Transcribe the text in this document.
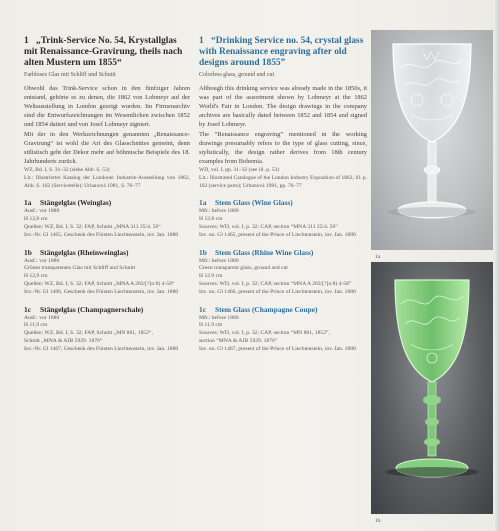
1 „Trink-Service No. 54, Krystallglas mit Renaissance-Gravirung, theils nach alten Mustern um 1855“

Farbloses Glas mit Schliff und Schnitt

Obwohl das Trink-Service schon in den fünfziger Jahren entstand, gehörte es zu denen, die 1862 von Lobmeyr auf der Weltausstellung in London gezeigt wurden. Im Firmenarchiv sind die Entwurfszeichnungen im Wesentlichen zwischen 1852 und 1854 datiert und von Josef Lobmeyr signiert.

Mit der in den Werkzeichnungen genannten „Renaissance-Gravirung“ ist wohl die Art des Glasschnittes gemeint, denn stilistisch geht der Dekor mehr auf böhmische Beispiele des 18. Jahrhunderts zurück.

WZ, Bd. I, S. 31–32 (siehe Abb. S. 53)

Lit.: Illustrierter Katalog der Londoner Industrie-Ausstellung von 1862, Abb. S. 162 (Servicetelle); Urbanová 1981, S. 76–77

1a Stängelglas (Weinglas)

Ausf.: vor 1880

H 12,8 cm

Quellen: WZ, Bd. I, S. 32; FAP, Schnitt „MNA 311 25/4. 56“

Inv.-Nr. Gl 1465, Geschenk des Fürsten Liechtenstein, inv. Jan. 1880

1b Stängelglas (Rheinweinglas)

Ausf.: vor 1880

Grünes transparentes Glas mit Schliff und Schnitt

H 12,9 cm

Quellen: WZ, Bd. I, S. 32; FAP, Schnitt „MNA A 283/[?]o:8) 4-58“

Inv.-Nr. Gl 1466, Geschenk des Fürsten Liechtenstein, inv. Jan. 1880

1c Stängelglas (Champagnerschale)

Ausf.: vor 1880

H 11,9 cm

Quellen: WZ, Bd. I, S. 32; FAP, Schnitt „MN 881, 1852“,

Schnitt „MNA & AJB 5929. 1876“

Inv.-Nr. Gl 1467, Geschenk des Fürsten Liechtenstein, inv. Jan. 1880

1 “Drinking Service no. 54, crystal glass with Renaissance engraving after old designs around 1855”

Colorless glass, ground and cut

Although this drinking service was already made in the 1850s, it was part of the assortment shown by Lobmeyr at the 1862 World's Fair in London. The design drawings in the company archives are basically dated between 1852 and 1854 and signed by Josef Lobmeyr.

The “Renaissance engraving” mentioned in the working drawings presumably refers to the type of glass cutting, since, stylistically, the design rather derives from 18th century examples from Bohemia.

WD, vol. I, pp. 31–32 (see ill. p. 53)

Lit.: Illustrated Catalogue of the London Industry Exposition of 1862, ill. p. 162 (service parts); Urbanová 1981, pp. 76–77

1a Stem Glass (Wine Glass)

Mfr.: before 1880

H 12.8 cm

Sources: WD, vol. I, p. 32; CAP, section “MNA 311 25/4. 56”

Inv. no. Gl 1465, present of the Prince of Liechtenstein, inv. Jan. 1880

1b Stem Glass (Rhine Wine Glass)

Mfr.: before 1880

Green transparent glass, ground and cut

H 12.9 cm

Sources: WD, vol. I, p. 32; CAP, section “MNA A 283/[?]o:8) 4-58”

Inv. no. Gl 1466, present of the Prince of Liechtenstein, inv. Jan. 1880

1c Stem Glass (Champagne Coupe)

Mfr.: before 1880

H 11.9 cm

Sources: WD, vol. I, p. 32; CAP, section “MN 881, 1852”,

section “MNA & AJB 5929. 1876”

Inv. no. Gl 1467, present of the Prince of Liechtenstein, inv. Jan. 1880

1a
1b
